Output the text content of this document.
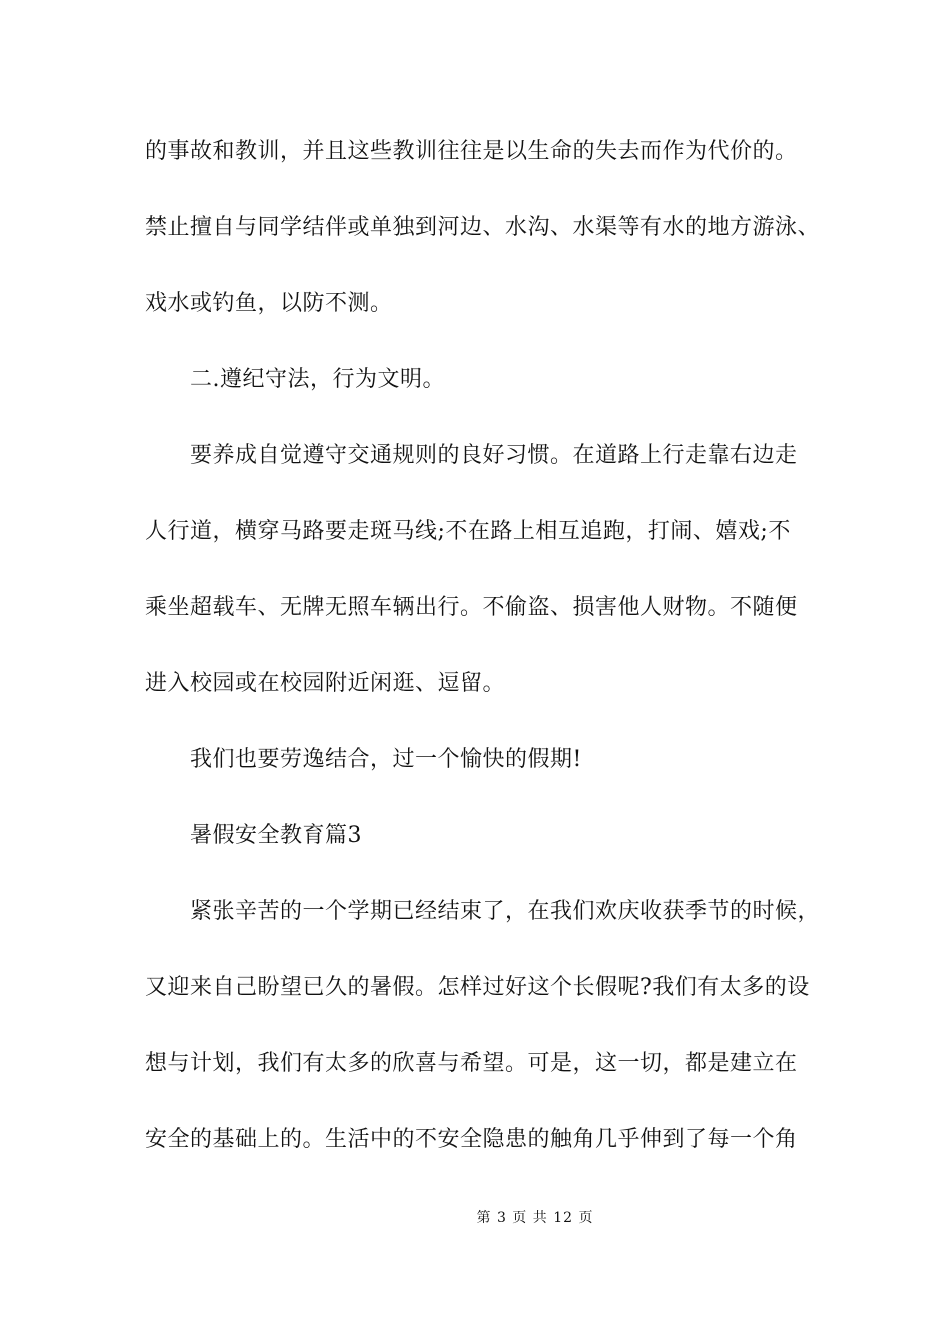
的事故和教训，并且这些教训往往是以生命的失去而作为代价的。
禁止擅自与同学结伴或单独到河边、水沟、水渠等有水的地方游泳、
戏水或钓鱼，以防不测。
二.遵纪守法，行为文明。
要养成自觉遵守交通规则的良好习惯。在道路上行走靠右边走
人行道，横穿马路要走斑马线;不在路上相互追跑，打闹、嬉戏;不
乘坐超载车、无牌无照车辆出行。不偷盗、损害他人财物。不随便
进入校园或在校园附近闲逛、逗留。
我们也要劳逸结合，过一个愉快的假期!
暑假安全教育篇3
紧张辛苦的一个学期已经结束了，在我们欢庆收获季节的时候，
又迎来自己盼望已久的暑假。怎样过好这个长假呢?我们有太多的设
想与计划，我们有太多的欣喜与希望。可是，这一切，都是建立在
安全的基础上的。生活中的不安全隐患的触角几乎伸到了每一个角
第 3 页 共 12 页
